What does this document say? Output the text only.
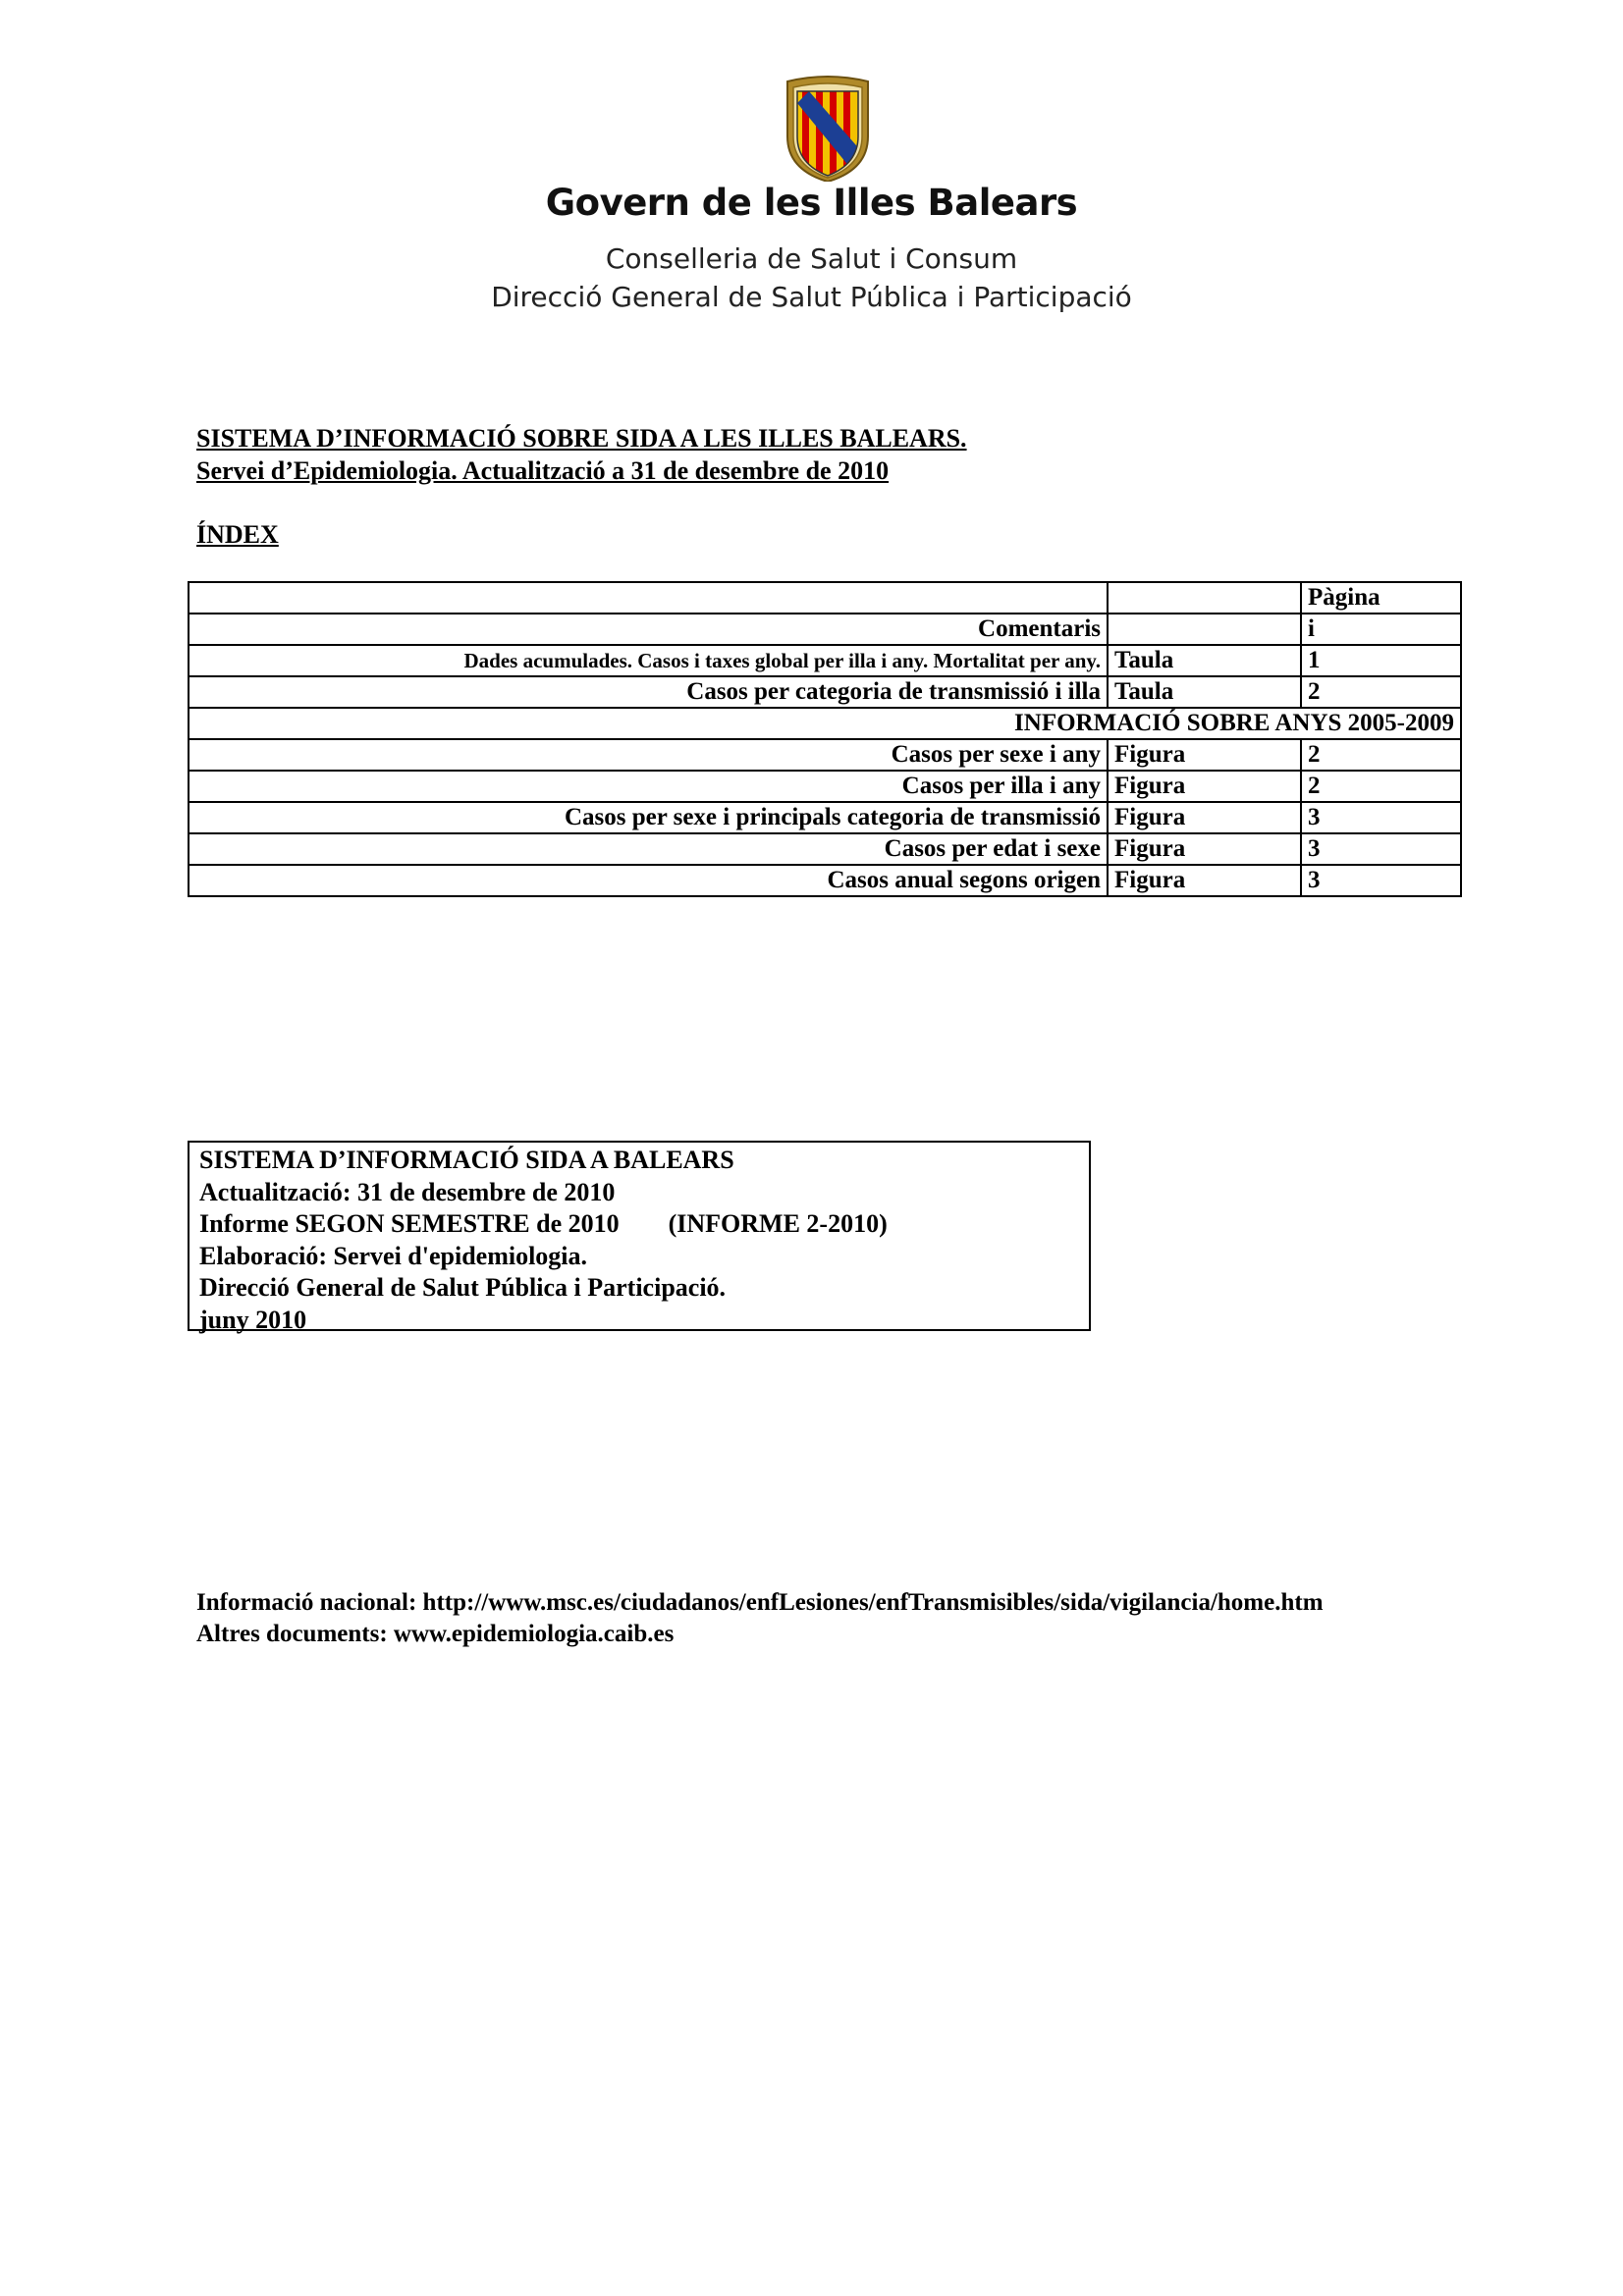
Govern de les Illes Balears
Conselleria de Salut i Consum
Direcció General de Salut Pública i Participació
SISTEMA D’INFORMACIÓ SOBRE SIDA A LES ILLES BALEARS.
Servei d’Epidemiologia. Actualització a 31 de desembre de 2010
ÍNDEX
		Pàgina
Comentaris		i
Dades acumulades. Casos i taxes global per illa i any. Mortalitat per any.	Taula	1
Casos per categoria de transmissió i illa	Taula	2
INFORMACIÓ SOBRE ANYS 2005-2009		
Casos per sexe i any	Figura	2
Casos per illa i any	Figura	2
Casos per sexe i principals categoria de transmissió	Figura	3
Casos per edat i sexe	Figura	3
Casos anual segons origen	Figura	3
SISTEMA D’INFORMACIÓ SIDA A BALEARS
Actualització: 31 de desembre de 2010
Informe SEGON SEMESTRE de 2010 (INFORME 2-2010)
Elaboració: Servei d'epidemiologia.
Direcció General de Salut Pública i Participació.
juny 2010
Informació nacional: http://www.msc.es/ciudadanos/enfLesiones/enfTransmisibles/sida/vigilancia/home.htm
Altres documents: www.epidemiologia.caib.es
